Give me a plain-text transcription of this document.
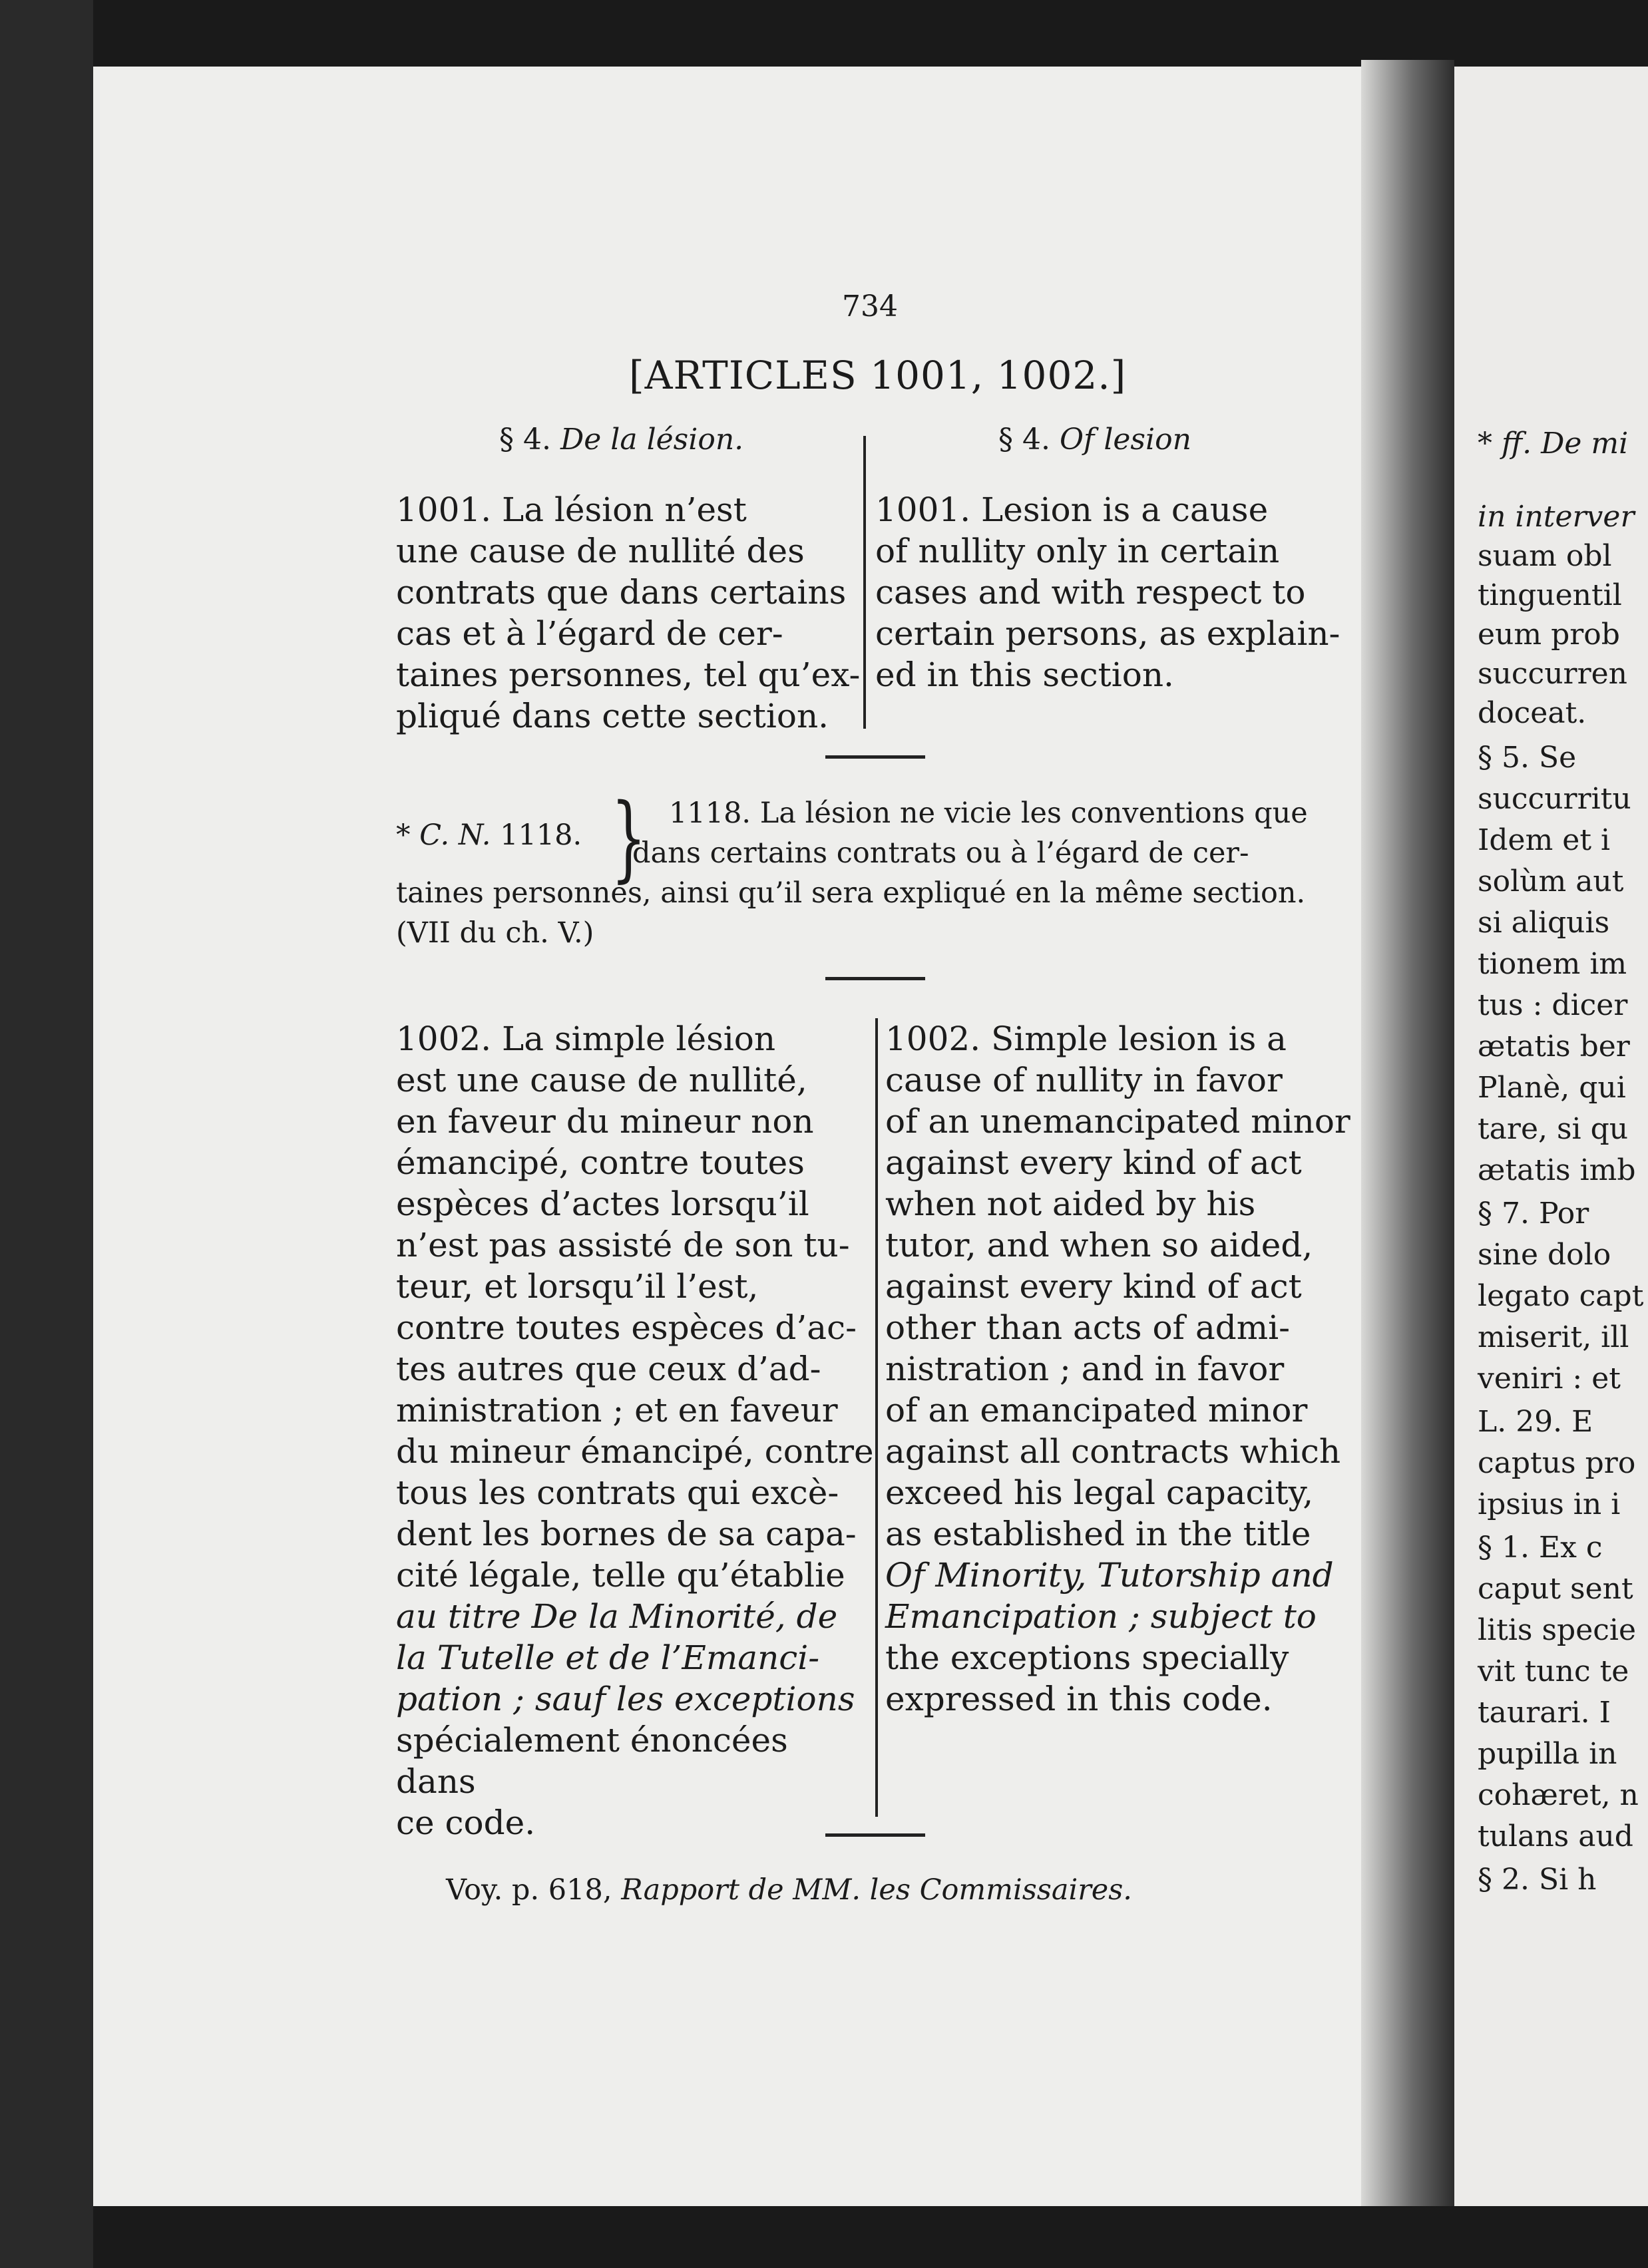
734
[ARTICLES 1001, 1002.]
§ 4. De la lésion.	§ 4. Of lesion
1001. La lésion n’est
une cause de nullité des
contrats que dans certains
cas et à l’égard de cer-
taines personnes, tel qu’ex-
pliqué dans cette section.
1001. Lesion is a cause
of nullity only in certain
cases and with respect to
certain persons, as explain-
ed in this section.
* C. N. 1118. } 1118. La lésion ne vicie les conventions que
dans certains contrats ou à l’égard de cer-
taines personnes, ainsi qu’il sera expliqué en la même section.
(VII du ch. V.)
1002. La simple lésion
est une cause de nullité,
en faveur du mineur non
émancipé, contre toutes
espèces d’actes lorsqu’il
n’est pas assisté de son tu-
teur, et lorsqu’il l’est,
contre toutes espèces d’ac-
tes autres que ceux d’ad-
ministration ; et en faveur
du mineur émancipé, contre
tous les contrats qui excè-
dent les bornes de sa capa-
cité légale, telle qu’établie
au titre De la Minorité, de
la Tutelle et de l’Emanci-
pation ; sauf les exceptions
spécialement énoncées dans
ce code.
1002. Simple lesion is a
cause of nullity in favor
of an unemancipated minor
against every kind of act
when not aided by his
tutor, and when so aided,
against every kind of act
other than acts of admi-
nistration ; and in favor
of an emancipated minor
against all contracts which
exceed his legal capacity,
as established in the title
Of Minority, Tutorship and
Emancipation ; subject to
the exceptions specially
expressed in this code.
Voy. p. 618, Rapport de MM. les Commissaires.
* ff. De mi
in interver
suam obl
tinguentil
eum prob
succurren
doceat.
§ 5. Se
succurritu
Idem et i
solùm aut
si aliquis
tionem im
tus : dicer
ætatis ber
Planè, qui
tare, si qu
ætatis imb
§ 7. Por
sine dolo
legato capt
miserit, ill
veniri : et
L. 29. E
captus pro
ipsius in i
§ 1. Ex c
caput sent
litis specie
vit tunc te
taurari. I
pupilla in
cohæret, n
tulans aud
§ 2. Si h
